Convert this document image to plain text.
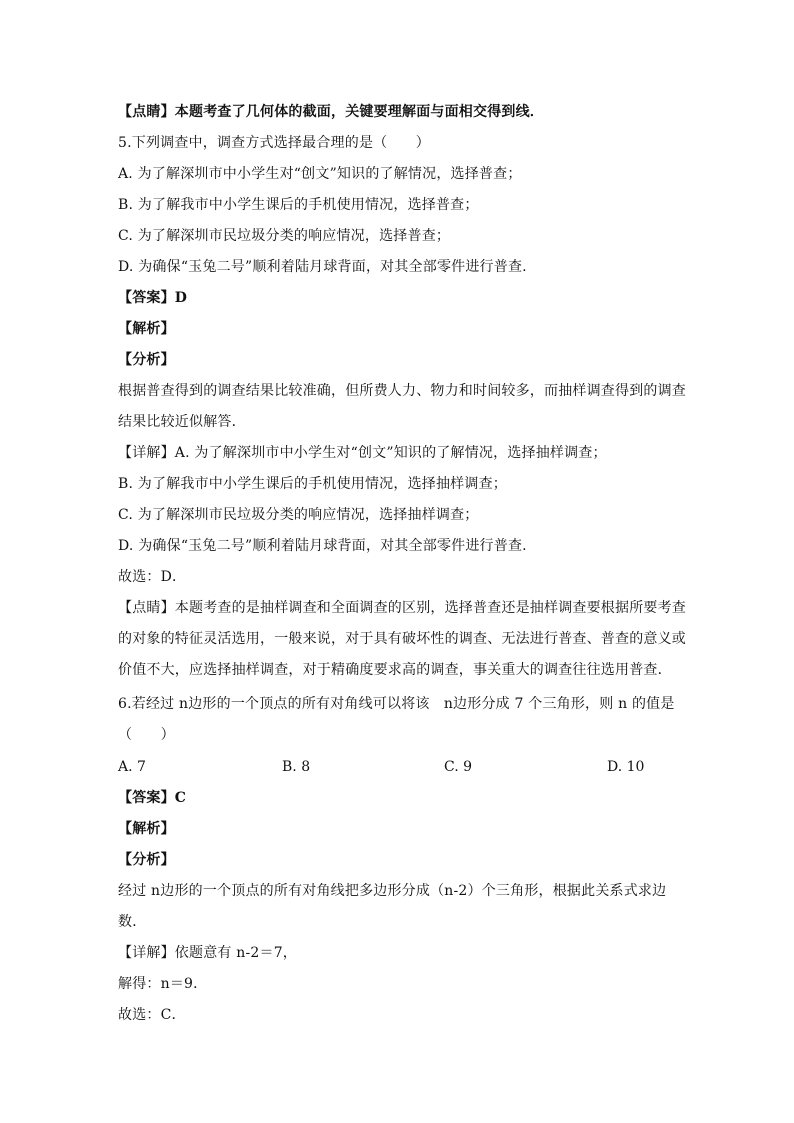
【点睛】本题考查了几何体的截面，关键要理解面与面相交得到线．
5.下列调查中，调查方式选择最合理的是（　　）
A. 为了解深圳市中小学生对“创文”知识的了解情况，选择普查；
B. 为了解我市中小学生课后的手机使用情况，选择普查；
C. 为了解深圳市民垃圾分类的响应情况，选择普查；
D. 为确保“玉兔二号”顺利着陆月球背面，对其全部零件进行普查.
【答案】D
【解析】
【分析】
根据普查得到的调查结果比较准确，但所费人力、物力和时间较多，而抽样调查得到的调查
结果比较近似解答．
【详解】A. 为了解深圳市中小学生对“创文”知识的了解情况，选择抽样调查；
B. 为了解我市中小学生课后的手机使用情况，选择抽样调查；
C. 为了解深圳市民垃圾分类的响应情况，选择抽样调查；
D. 为确保“玉兔二号”顺利着陆月球背面，对其全部零件进行普查.
故选：D．
【点睛】本题考查的是抽样调查和全面调查的区别，选择普查还是抽样调查要根据所要考查
的对象的特征灵活选用，一般来说，对于具有破坏性的调查、无法进行普查、普查的意义或
价值不大，应选择抽样调查，对于精确度要求高的调查，事关重大的调查往往选用普查．
6.若经过 n边形的一个顶点的所有对角线可以将该　n边形分成 7 个三角形，则 n 的值是
（　　）
A. 7	B. 8	C. 9	D. 10
【答案】C
【解析】
【分析】
经过 n边形的一个顶点的所有对角线把多边形分成（n-2）个三角形，根据此关系式求边
数．
【详解】依题意有 n-2＝7，
解得：n＝9．
故选：C．
